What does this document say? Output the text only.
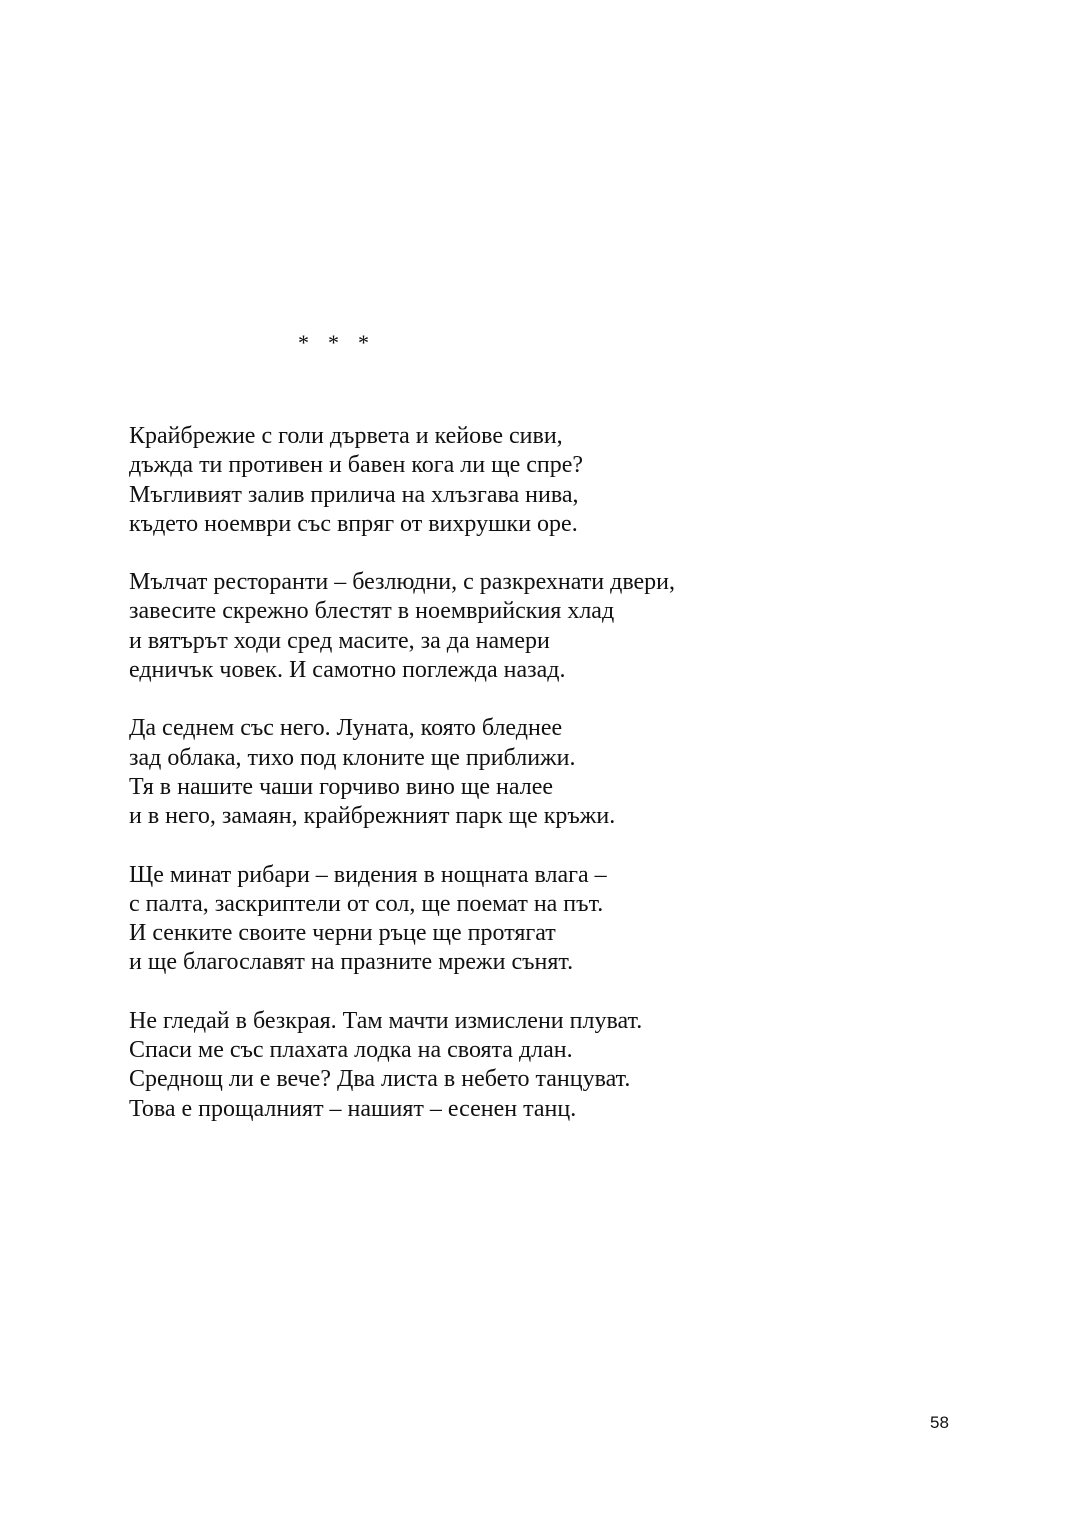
*  *  *
Крайбрежие с голи дървета и кейове сиви,
дъжда ти противен и бавен кога ли ще спре?
Мъгливият залив прилича на хлъзгава нива,
където ноември със впряг от вихрушки оре.
Мълчат ресторанти – безлюдни, с разкрехнати двери,
завесите скрежно блестят в ноемврийския хлад
и вятърът ходи сред масите, за да намери
едничък човек. И самотно поглежда назад.
Да седнем със него. Луната, която бледнее
зад облака, тихо под клоните ще приближи.
Тя в нашите чаши горчиво вино ще налее
и в него, замаян, крайбрежният парк ще кръжи.
Ще минат рибари – видения в нощната влага –
с палта, заскриптели от сол, ще поемат на път.
И сенките своите черни ръце ще протягат
и ще благославят на празните мрежи сънят.
Не гледай в безкрая. Там мачти измислени плуват.
Спаси ме със плахата лодка на своята длан.
Среднощ ли е вече? Два листа в небето танцуват.
Това е прощалният – нашият – есенен танц.
58
